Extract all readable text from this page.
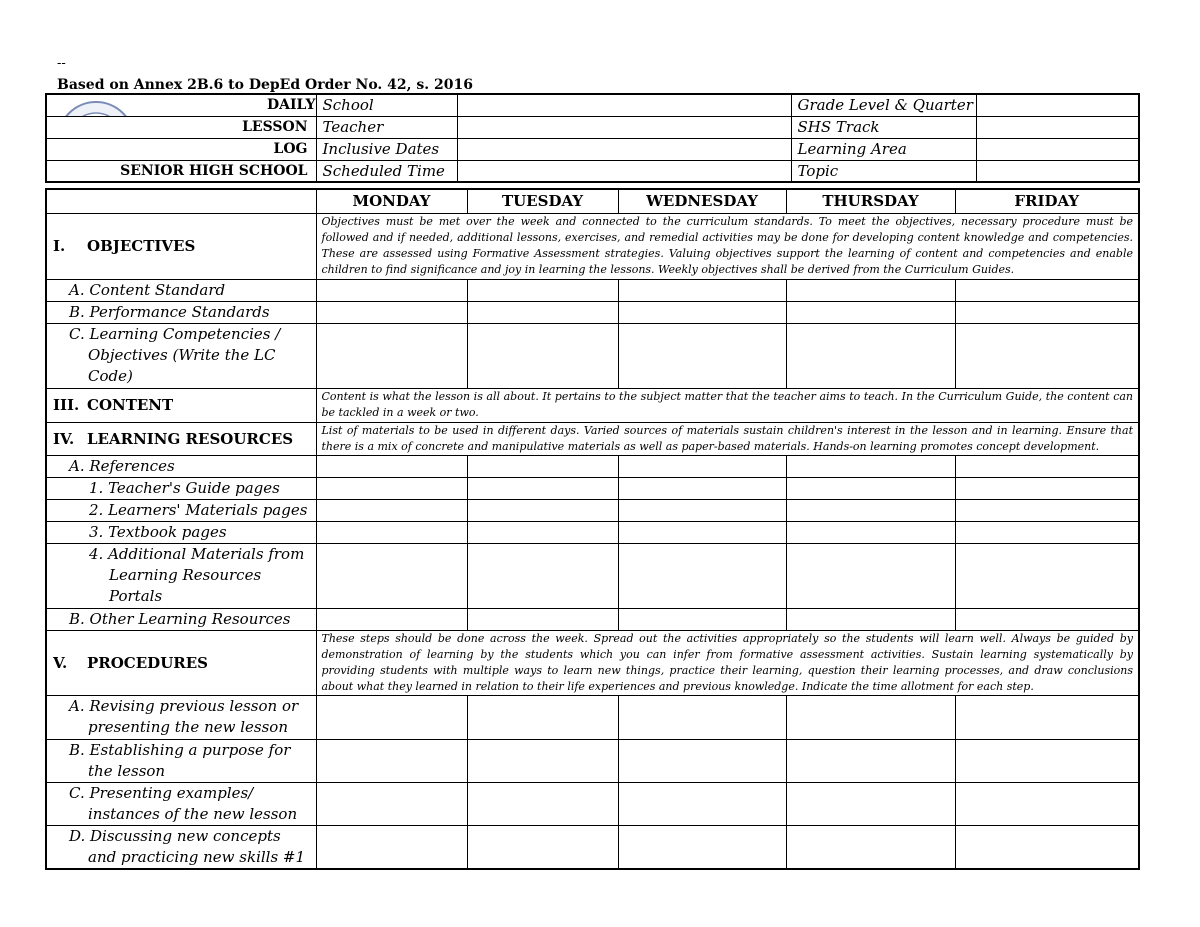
--
Based on Annex 2B.6 to DepEd Order No. 42, s. 2016
DAILY	School		Grade Level & Quarter	
LESSON	Teacher		SHS Track	
LOG	Inclusive Dates		Learning Area	
SENIOR HIGH SCHOOL	Scheduled Time		Topic	
	MONDAY	TUESDAY	WEDNESDAY	THURSDAY	FRIDAY
I. OBJECTIVES	Objectives must be met over the week and connected to the curriculum standards. To meet the objectives, necessary procedure must be followed and if needed, additional lessons, exercises, and remedial activities may be done for developing content knowledge and competencies. These are assessed using Formative Assessment strategies. Valuing objectives support the learning of content and competencies and enable children to find significance and joy in learning the lessons. Weekly objectives shall be derived from the Curriculum Guides.				
A. Content Standard					
B. Performance Standards					

C. Learning Competencies / Objectives (Write the LC Code)					

III. CONTENT	Content is what the lesson is all about. It pertains to the subject matter that the teacher aims to teach. In the Curriculum Guide, the content can be tackled in a week or two.				
IV. LEARNING RESOURCES	List of materials to be used in different days. Varied sources of materials sustain children's interest in the lesson and in learning. Ensure that there is a mix of concrete and manipulative materials as well as paper-based materials. Hands-on learning promotes concept development.				
A. References					
1. Teacher's Guide pages					
2. Learners' Materials pages					
3. Textbook pages					

4. Additional Materials from Learning Resources Portals					

B. Other Learning Resources					
V. PROCEDURES	These steps should be done across the week. Spread out the activities appropriately so the students will learn well. Always be guided by demonstration of learning by the students which you can infer from formative assessment activities. Sustain learning systematically by providing students with multiple ways to learn new things, practice their learning, question their learning processes, and draw conclusions about what they learned in relation to their life experiences and previous knowledge. Indicate the time allotment for each step.				

A. Revising previous lesson or presenting the new lesson					

B. Establishing a purpose for the lesson					

C. Presenting examples/ instances of the new lesson					

D. Discussing new concepts and practicing new skills #1					
